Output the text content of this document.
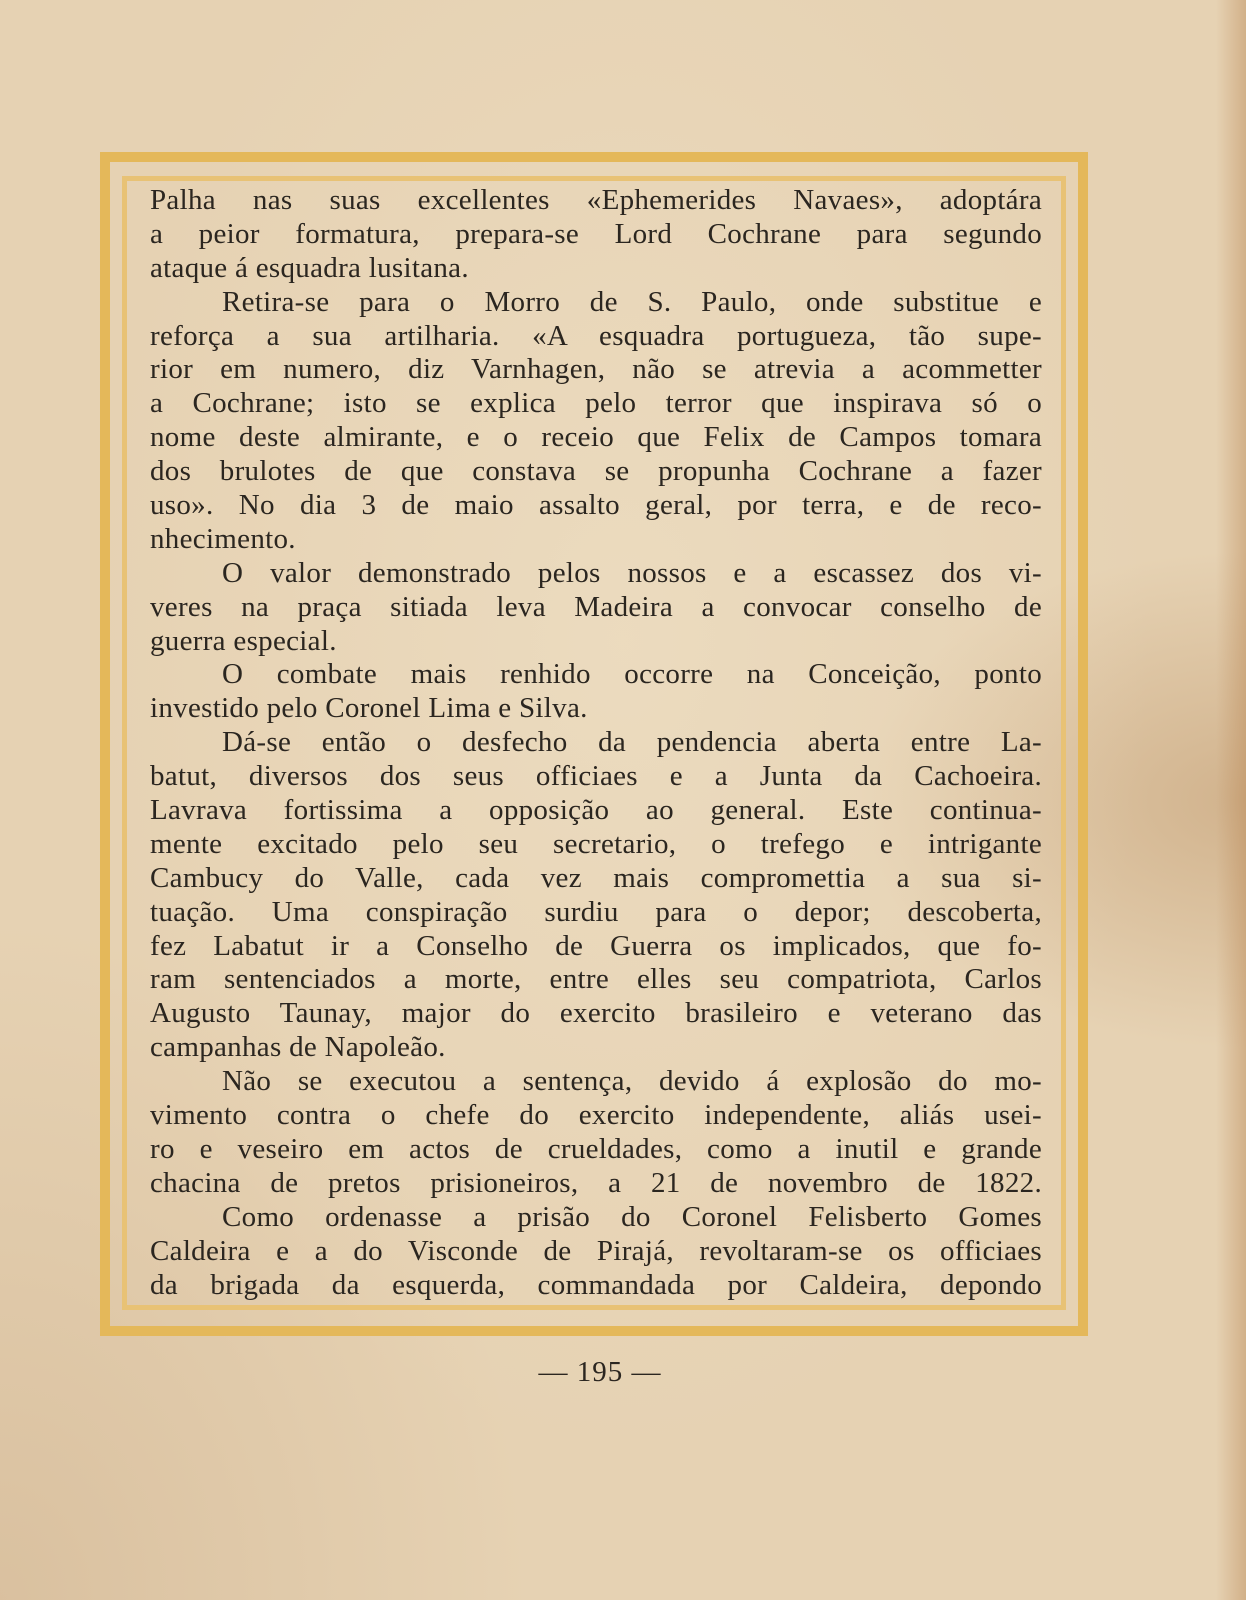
Palha nas suas excellentes «Ephemerides Navaes», adoptára
a peior formatura, prepara-se Lord Cochrane para segundo
ataque á esquadra lusitana.
Retira-se para o Morro de S. Paulo, onde substitue e
reforça a sua artilharia. «A esquadra portugueza, tão supe-
rior em numero, diz Varnhagen, não se atrevia a acommetter
a Cochrane; isto se explica pelo terror que inspirava só o
nome deste almirante, e o receio que Felix de Campos tomara
dos brulotes de que constava se propunha Cochrane a fazer
uso». No dia 3 de maio assalto geral, por terra, e de reco-
nhecimento.
O valor demonstrado pelos nossos e a escassez dos vi-
veres na praça sitiada leva Madeira a convocar conselho de
guerra especial.
O combate mais renhido occorre na Conceição, ponto
investido pelo Coronel Lima e Silva.
Dá-se então o desfecho da pendencia aberta entre La-
batut, diversos dos seus officiaes e a Junta da Cachoeira.
Lavrava fortissima a opposição ao general. Este continua-
mente excitado pelo seu secretario, o trefego e intrigante
Cambucy do Valle, cada vez mais compromettia a sua si-
tuação. Uma conspiração surdiu para o depor; descoberta,
fez Labatut ir a Conselho de Guerra os implicados, que fo-
ram sentenciados a morte, entre elles seu compatriota, Carlos
Augusto Taunay, major do exercito brasileiro e veterano das
campanhas de Napoleão.
Não se executou a sentença, devido á explosão do mo-
vimento contra o chefe do exercito independente, aliás usei-
ro e veseiro em actos de crueldades, como a inutil e grande
chacina de pretos prisioneiros, a 21 de novembro de 1822.
Como ordenasse a prisão do Coronel Felisberto Gomes
Caldeira e a do Visconde de Pirajá, revoltaram-se os officiaes
da brigada da esquerda, commandada por Caldeira, depondo
— 195 —
